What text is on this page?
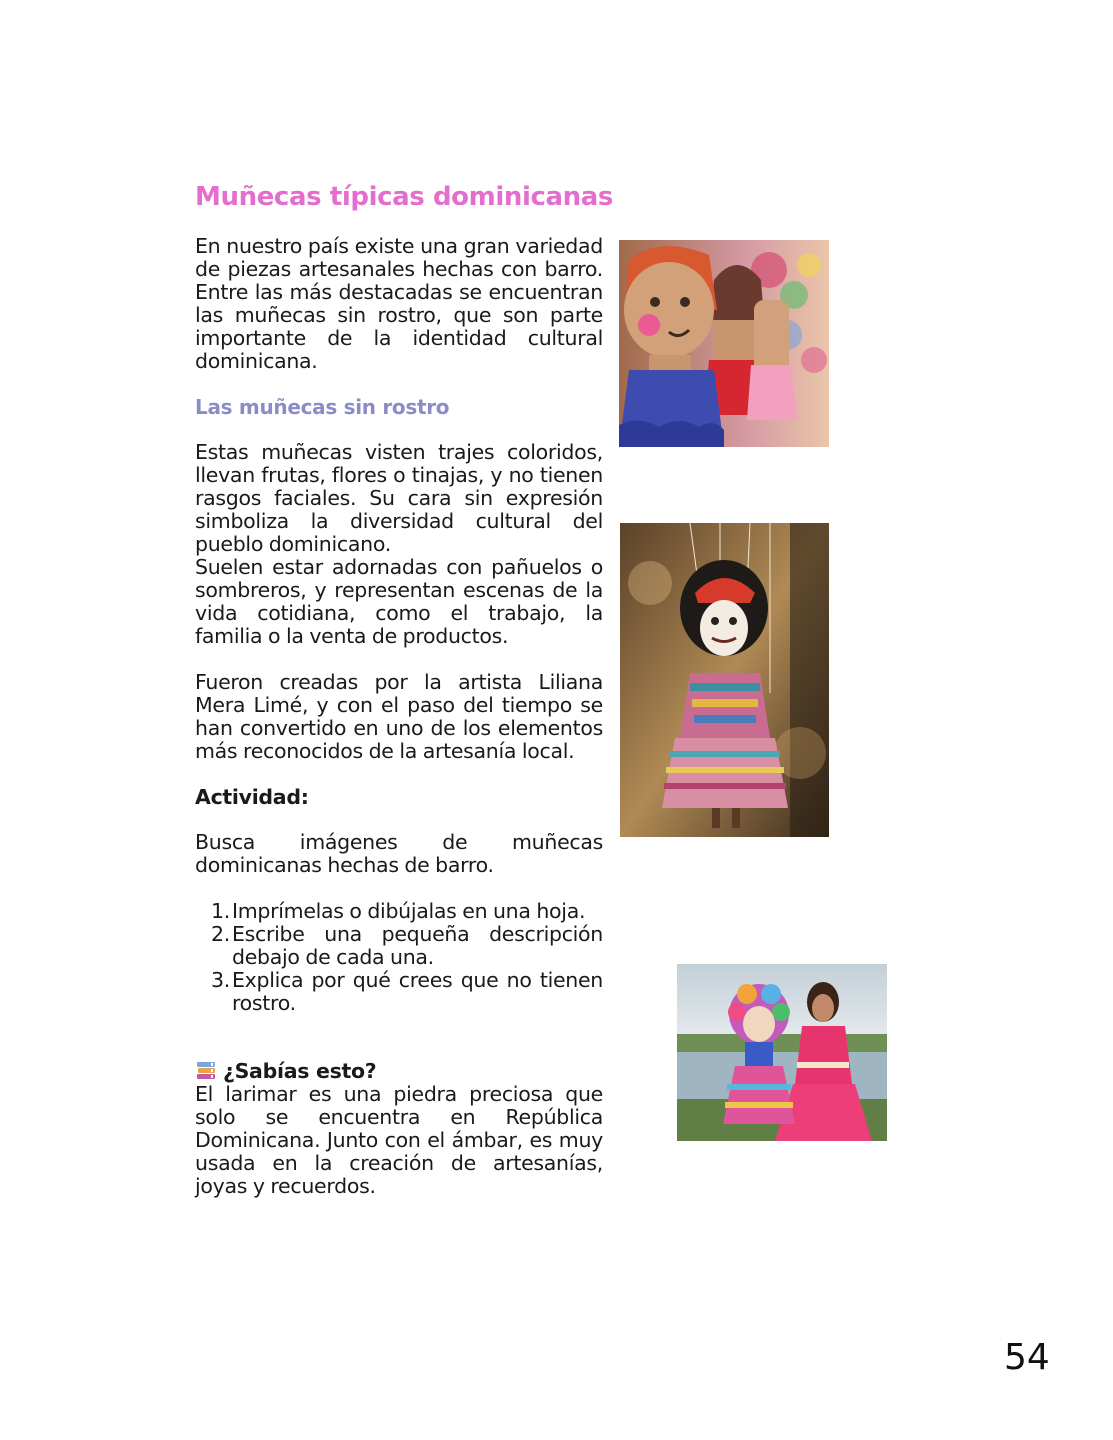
Muñecas típicas dominicanas

En nuestro país existe una gran variedad de piezas artesanales hechas con barro. Entre las más destacadas se encuentran las muñecas sin rostro, que son parte importante de la identidad cultural dominicana.

Las muñecas sin rostro

Estas muñecas visten trajes coloridos, llevan frutas, flores o tinajas, y no tienen rasgos faciales. Su cara sin expresión simboliza la diversidad cultural del pueblo dominicano.

Suelen estar adornadas con pañuelos o sombreros, y representan escenas de la vida cotidiana, como el trabajo, la familia o la venta de productos.

Fueron creadas por la artista Liliana Mera Limé, y con el paso del tiempo se han convertido en uno de los elementos más reconocidos de la artesanía local.

Actividad:

Busca imágenes de muñecas dominicanas hechas de barro.

1. Imprímelas o dibújalas en una hoja.
2. Escribe una pequeña descripción debajo de cada una.
3. Explica por qué crees que no tienen rostro.
¿Sabías esto?

El larimar es una piedra preciosa que solo se encuentra en República Dominicana. Junto con el ámbar, es muy usada en la creación de artesanías, joyas y recuerdos.

54
